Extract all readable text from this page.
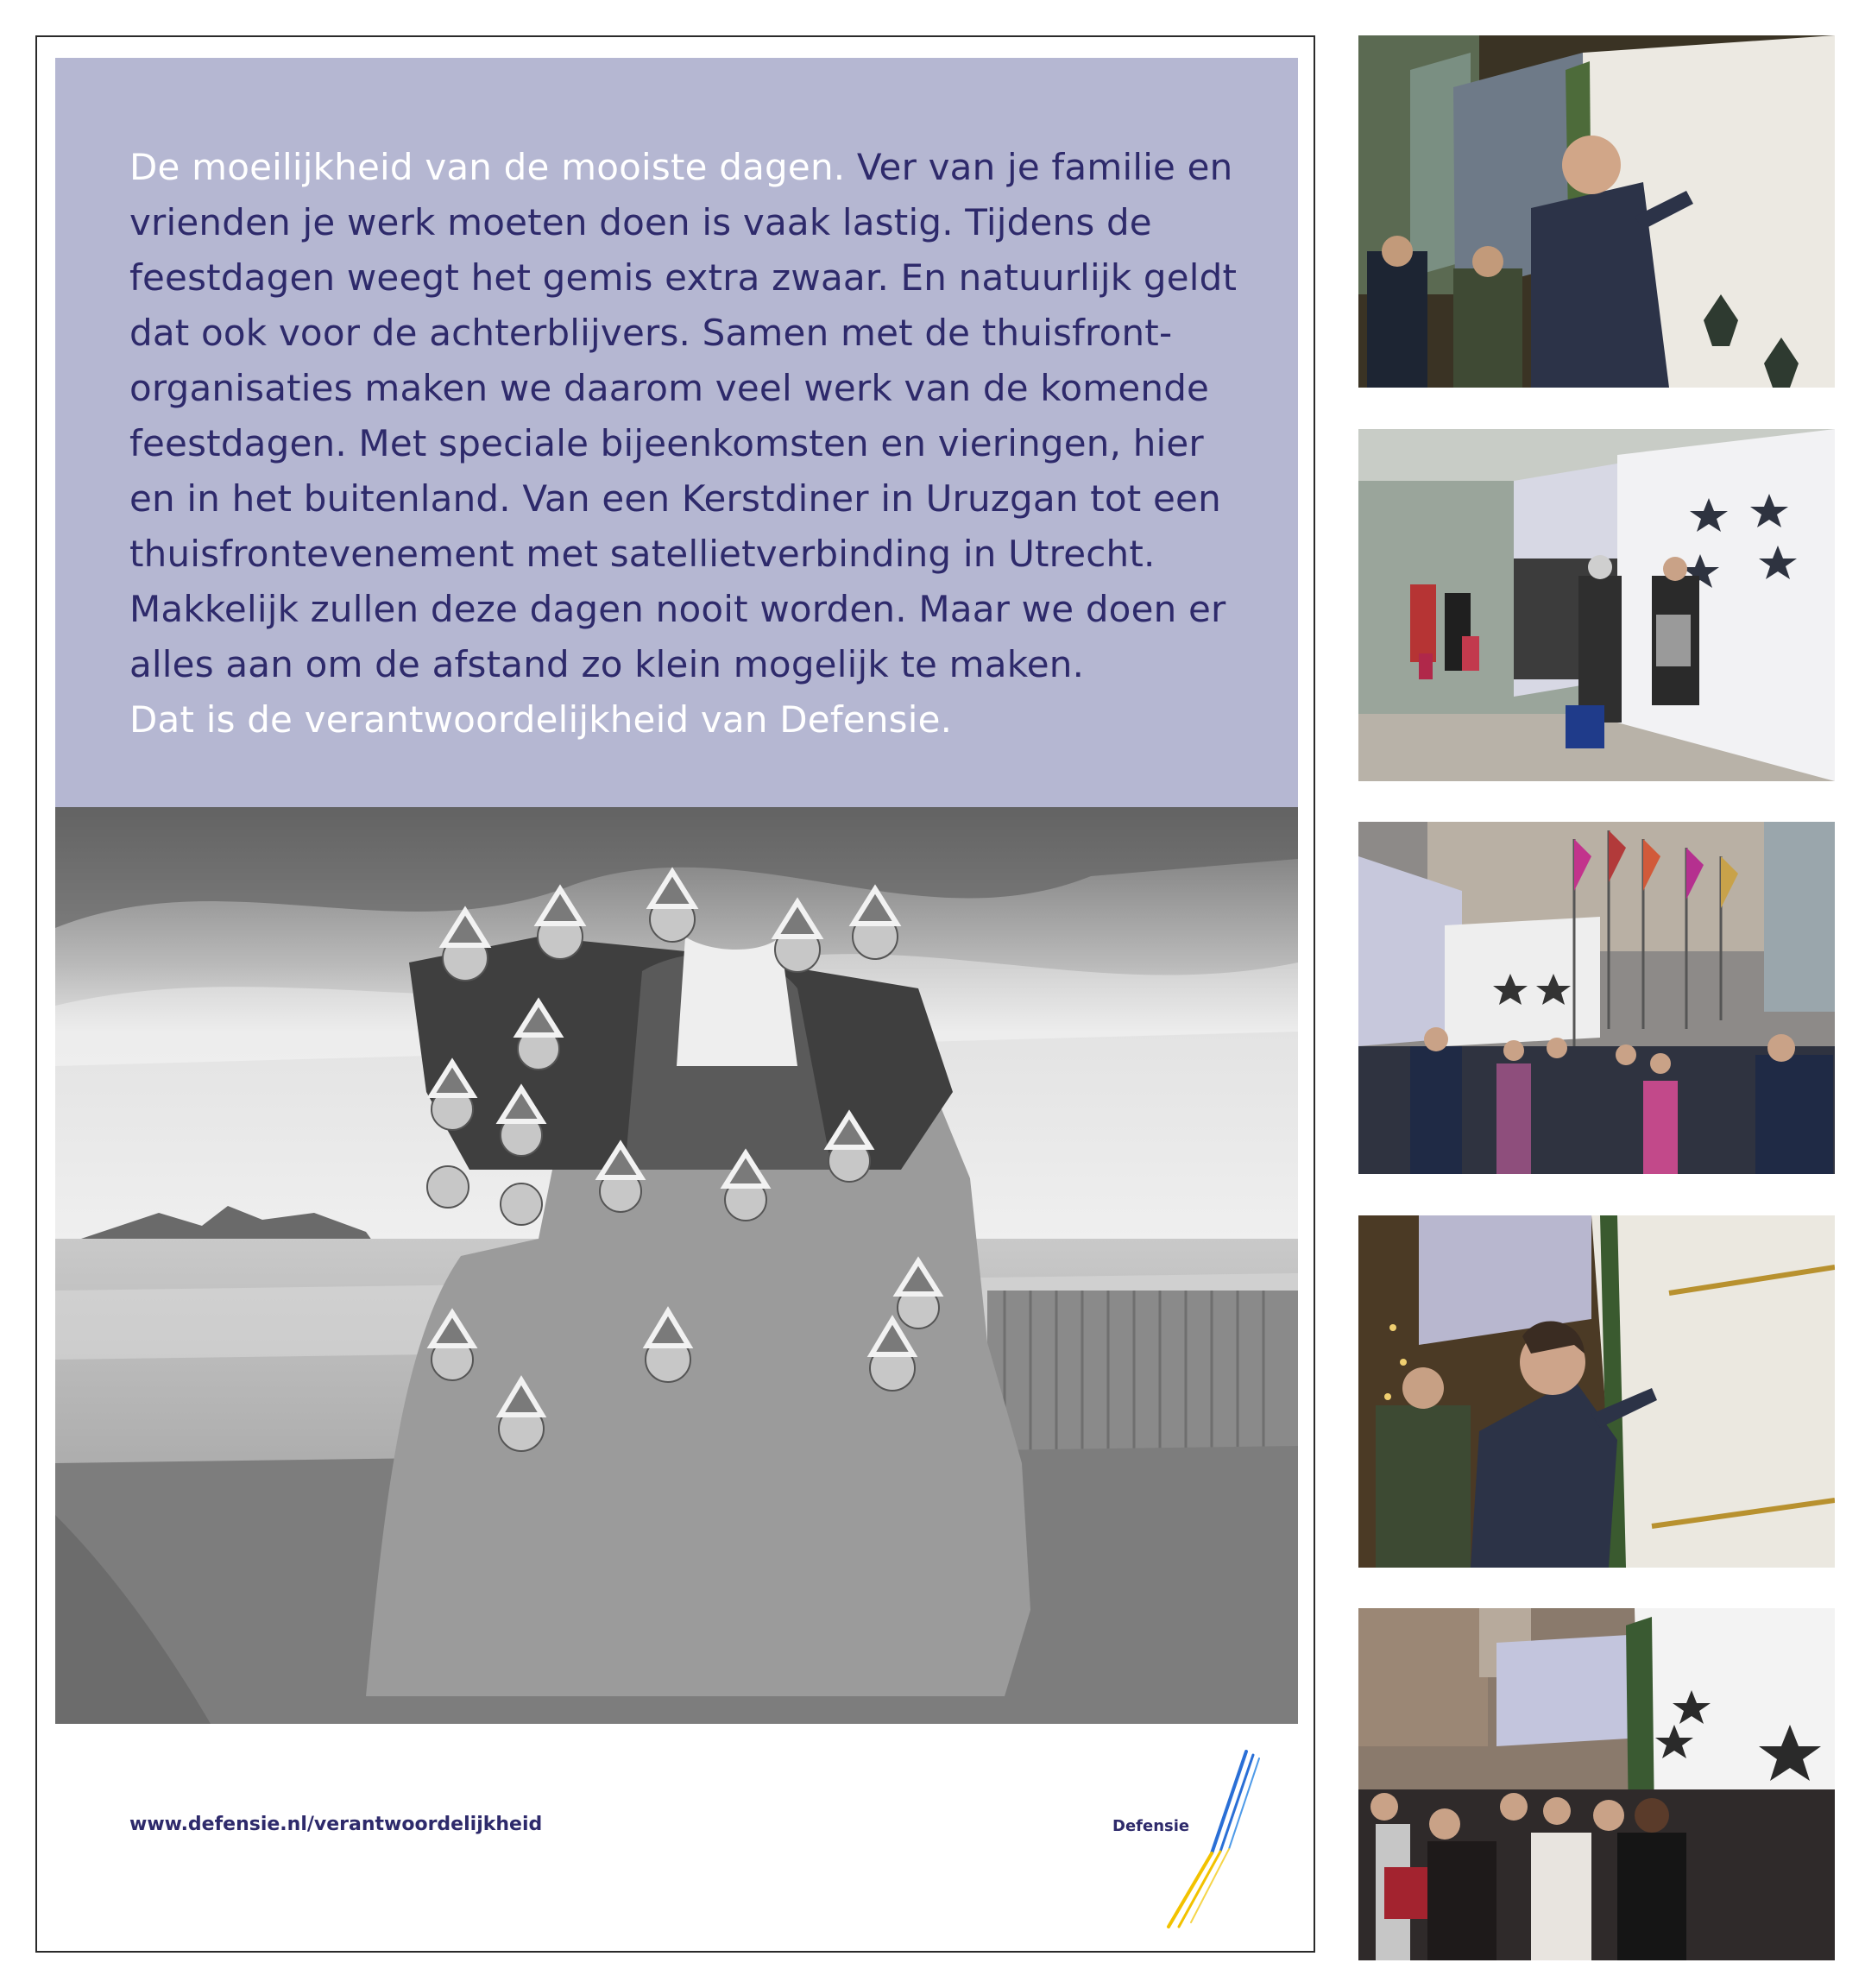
De moeilijkheid van de mooiste dagen. Ver van je familie en vrienden je werk moeten doen is vaak lastig. Tijdens de feestdagen weegt het gemis extra zwaar. En natuurlijk geldt dat ook voor de achterblijvers. Samen met de thuisfront-organisaties maken we daarom veel werk van de komende feestdagen. Met speciale bijeenkomsten en vieringen, hier en in het buitenland. Van een Kerstdiner in Uruzgan tot een thuisfrontevenement met satellietverbinding in Utrecht. Makkelijk zullen deze dagen nooit worden. Maar we doen er alles aan om de afstand zo klein mogelijk te maken.
Dat is de verantwoordelijkheid van Defensie.

www.defensie.nl/verantwoordelijkheid	Defensie
